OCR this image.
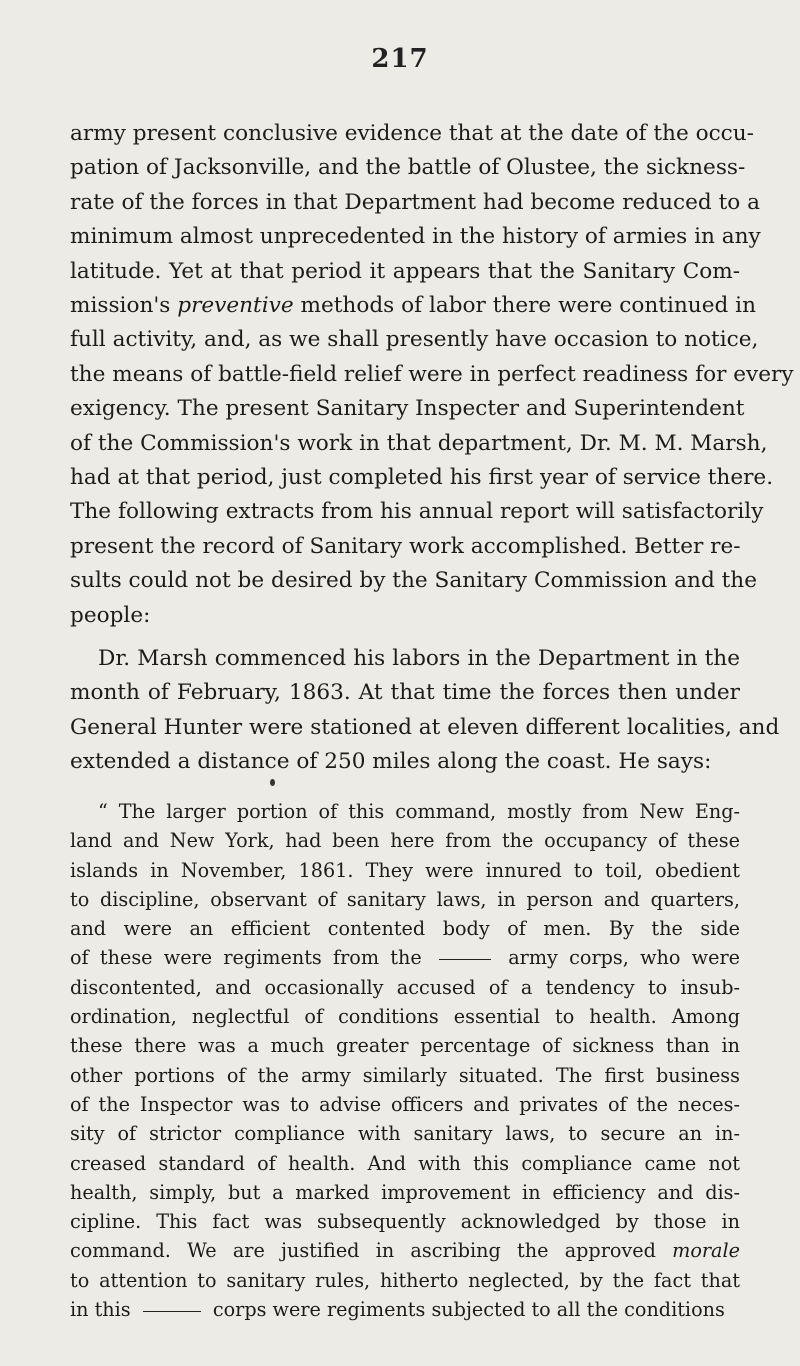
217

army present conclusive evidence that at the date of the occu-
pation of Jacksonville, and the battle of Olustee, the sickness-
rate of the forces in that Department had become reduced to a
minimum almost unprecedented in the history of armies in any
latitude. Yet at that period it appears that the Sanitary Com-
mission's preventive methods of labor there were continued in
full activity, and, as we shall presently have occasion to notice,
the means of battle-field relief were in perfect readiness for every
exigency. The present Sanitary Inspecter and Superintendent
of the Commission's work in that department, Dr. M. M. Marsh,
had at that period, just completed his first year of service there.
The following extracts from his annual report will satisfactorily
present the record of Sanitary work accomplished. Better re-
sults could not be desired by the Sanitary Commission and the
people:

Dr. Marsh commenced his labors in the Department in the
month of February, 1863. At that time the forces then under
General Hunter were stationed at eleven different localities, and
extended a distance of 250 miles along the coast. He says:

“ The larger portion of this command, mostly from New Eng-
land and New York, had been here from the occupancy of these
islands in November, 1861. They were innured to toil, obedient
to discipline, observant of sanitary laws, in person and quarters,
and were an efficient contented body of men. By the side
of these were regiments from the	army corps, who were
discontented, and occasionally accused of a tendency to insub-
ordination, neglectful of conditions essential to health. Among
these there was a much greater percentage of sickness than in
other portions of the army similarly situated. The first business
of the Inspector was to advise officers and privates of the neces-
sity of strictor compliance with sanitary laws, to secure an in-
creased standard of health. And with this compliance came not
health, simply, but a marked improvement in efficiency and dis-
cipline. This fact was subsequently acknowledged by those in
command. We are justified in ascribing the approved morale
to attention to sanitary rules, hitherto neglected, by the fact that
in this	corps were regiments subjected to all the conditions
